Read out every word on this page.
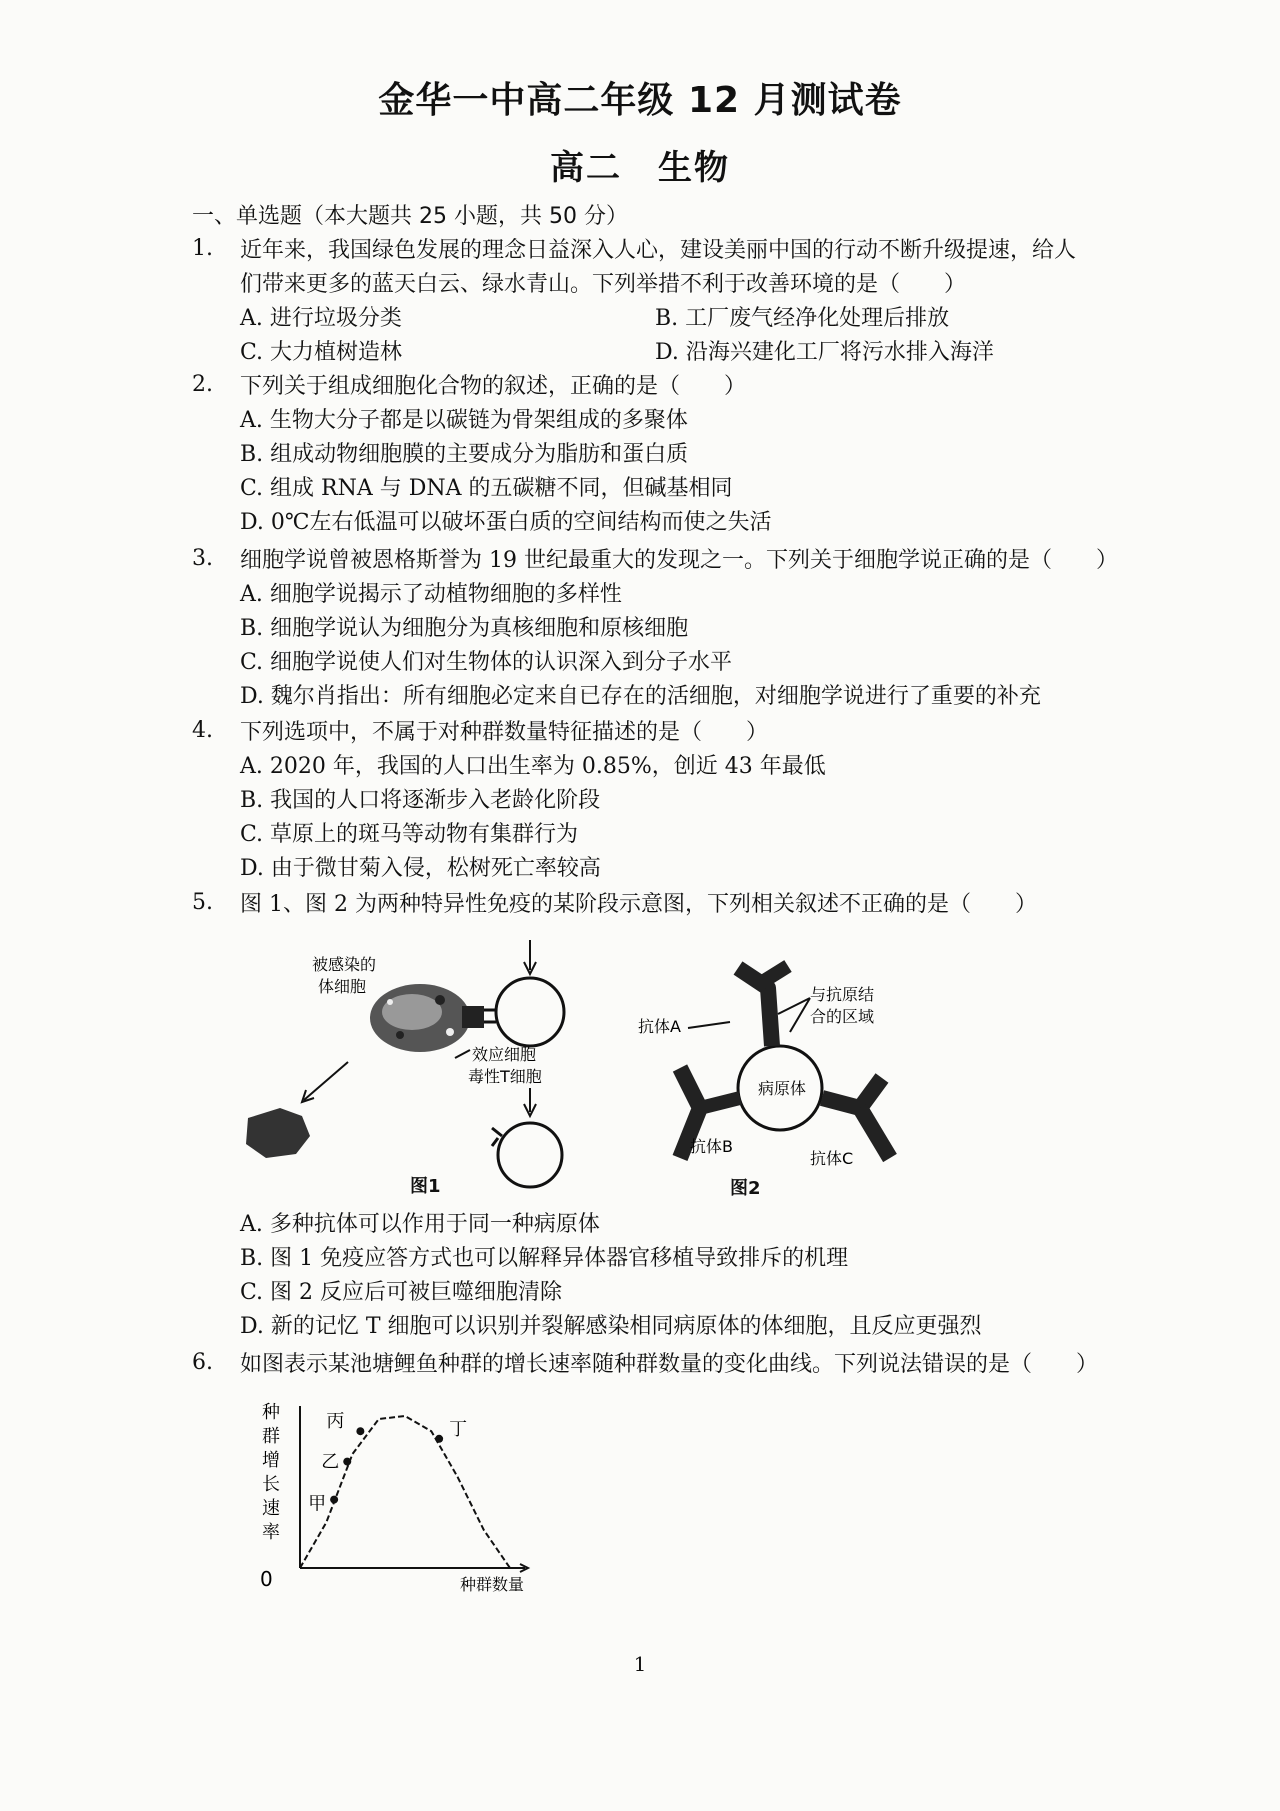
金华一中高二年级 12 月测试卷
高二 生物
一、单选题（本大题共 25 小题，共 50 分）
1. 近年来，我国绿色发展的理念日益深入人心，建设美丽中国的行动不断升级提速，给人
们带来更多的蓝天白云、绿水青山。下列举措不利于改善环境的是（　　）
A. 进行垃圾分类	B. 工厂废气经净化处理后排放
C. 大力植树造林	D. 沿海兴建化工厂将污水排入海洋
2. 下列关于组成细胞化合物的叙述，正确的是（　　）
A. 生物大分子都是以碳链为骨架组成的多聚体
B. 组成动物细胞膜的主要成分为脂肪和蛋白质
C. 组成 RNA 与 DNA 的五碳糖不同，但碱基相同
D. 0℃左右低温可以破坏蛋白质的空间结构而使之失活
3. 细胞学说曾被恩格斯誉为 19 世纪最重大的发现之一。下列关于细胞学说正确的是（　　）
A. 细胞学说揭示了动植物细胞的多样性
B. 细胞学说认为细胞分为真核细胞和原核细胞
C. 细胞学说使人们对生物体的认识深入到分子水平
D. 魏尔肖指出：所有细胞必定来自已存在的活细胞，对细胞学说进行了重要的补充
4. 下列选项中，不属于对种群数量特征描述的是（　　）
A. 2020 年，我国的人口出生率为 0.85%，创近 43 年最低
B. 我国的人口将逐渐步入老龄化阶段
C. 草原上的斑马等动物有集群行为
D. 由于微甘菊入侵，松树死亡率较高
5. 图 1、图 2 为两种特异性免疫的某阶段示意图，下列相关叙述不正确的是（　　）
被感染的
体细胞
效应细胞
毒性T细胞
图1
病原体
与抗原结
合的区域
抗体A
抗体B
抗体C
图2
A. 多种抗体可以作用于同一种病原体
B. 图 1 免疫应答方式也可以解释异体器官移植导致排斥的机理
C. 图 2 反应后可被巨噬细胞清除
D. 新的记忆 T 细胞可以识别并裂解感染相同病原体的体细胞，且反应更强烈
6. 如图表示某池塘鲤鱼种群的增长速率随种群数量的变化曲线。下列说法错误的是（　　）
种
群
增
长
速
率
0	种群数量
甲
乙
丙	丁
1
